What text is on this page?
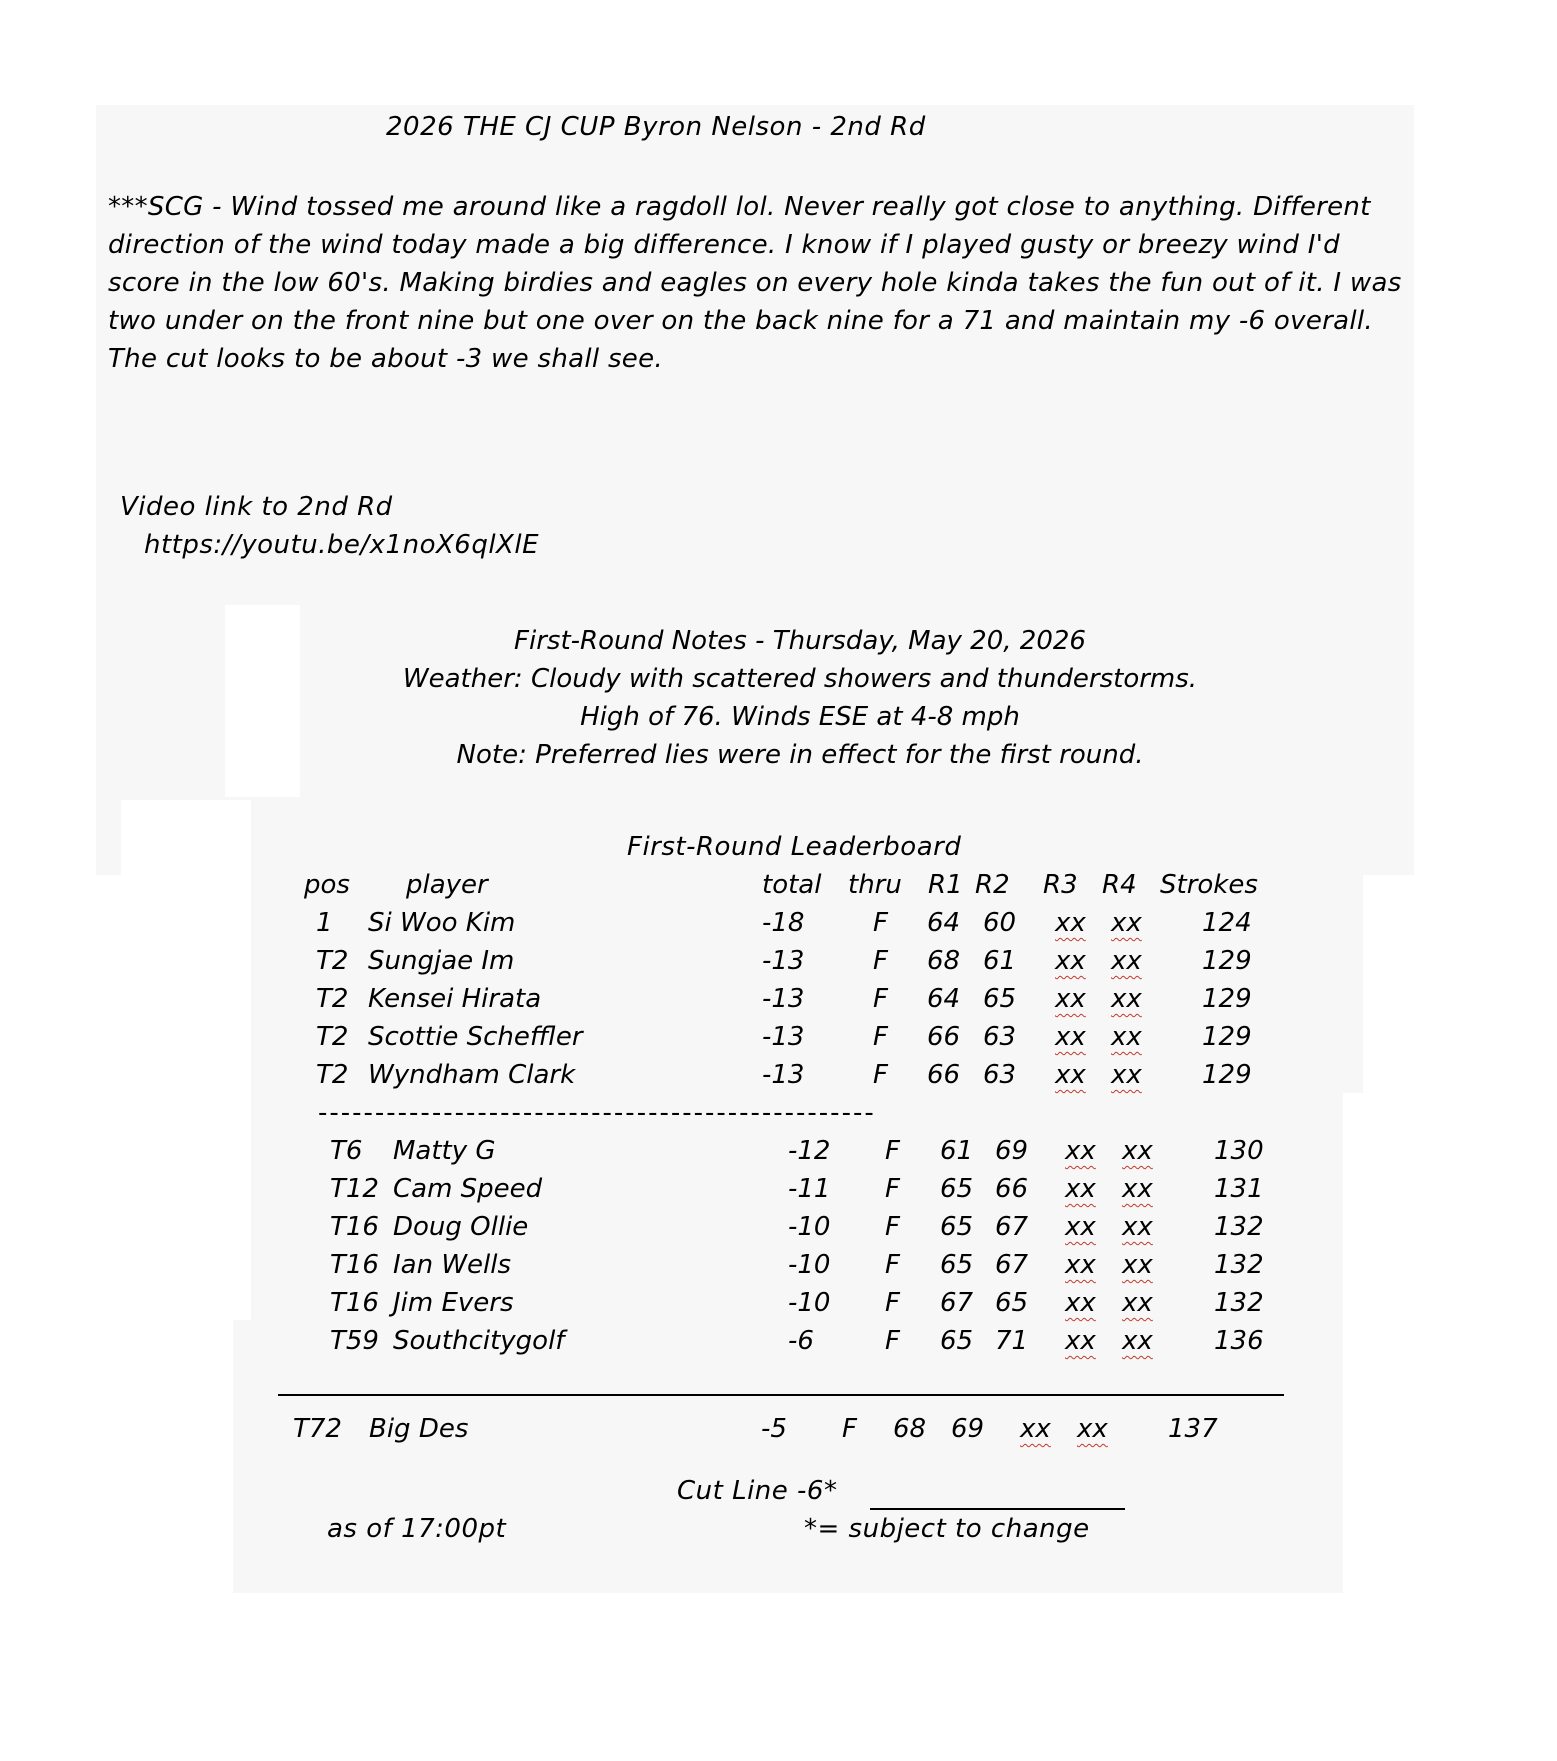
2026 THE CJ CUP Byron Nelson - 2nd Rd
***SCG - Wind tossed me around like a ragdoll lol. Never really got close to anything. Different direction of the wind today made a big difference. I know if I played gusty or breezy wind I'd score in the low 60's. Making birdies and eagles on every hole kinda takes the fun out of it. I was two under on the front nine but one over on the back nine for a 71 and maintain my -6 overall. The cut looks to be about -3 we shall see.
Video link to 2nd Rd
https://youtu.be/x1noX6qlXlE
First-Round Notes - Thursday, May 20, 2026
Weather: Cloudy with scattered showers and thunderstorms.
High of 76. Winds ESE at 4-8 mph
Note: Preferred lies were in effect for the first round.
First-Round Leaderboard
pos player	total thru R1 R2 R3 R4 Strokes
1 Si Woo Kim	-18	F 64 60 xx xx 124
T2 Sungjae Im	-13	F 68 61 xx xx 129
T2 Kensei Hirata	-13	F 64 65 xx xx 129
T2 Scottie Scheffler	-13	F 66 63 xx xx 129
T2 Wyndham Clark	-13	F 66 63 xx xx 129
T6 Matty G	-12 F 61 69 xx xx 130
T12 Cam Speed	-11 F 65 66 xx xx 131
T16 Doug Ollie	-10 F 65 67 xx xx 132
T16 Ian Wells	-10 F 65 67 xx xx 132
T16 Jim Evers	-10 F 67 65 xx xx 132
T59 Southcitygolf	-6	F 65 71 xx xx 136
T72 Big Des	-5 F 68 69 xx xx 137
-------------------------------------------------
Cut Line -6*
as of 17:00pt	*= subject to change
